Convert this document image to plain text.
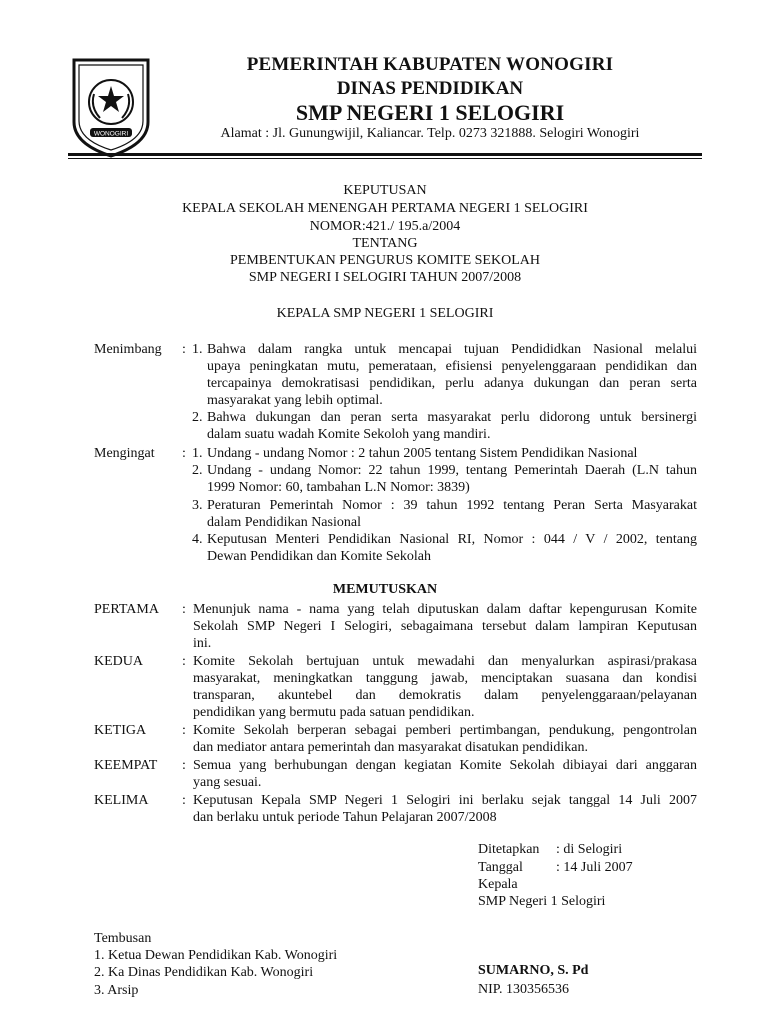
WONOGIRI
PEMERINTAH KABUPATEN WONOGIRI
DINAS PENDIDIKAN
SMP NEGERI 1 SELOGIRI
Alamat : Jl. Gunungwijil, Kaliancar. Telp. 0273 321888. Selogiri Wonogiri
KEPUTUSAN
KEPALA SEKOLAH MENENGAH PERTAMA NEGERI 1 SELOGIRI
NOMOR:421./ 195.a/2004
TENTANG
PEMBENTUKAN PENGURUS KOMITE SEKOLAH
SMP NEGERI I SELOGIRI TAHUN 2007/2008
KEPALA SMP NEGERI 1 SELOGIRI
Menimbang : 1. Bahwa dalam rangka untuk mencapai tujuan Pendididkan Nasional melalui
upaya peningkatan mutu, pemerataan, efisiensi penyelenggaraan pendidikan dan
tercapainya demokratisasi pendidikan, perlu adanya dukungan dan peran serta
masyarakat yang lebih optimal.
2. Bahwa dukungan dan peran serta masyarakat perlu didorong untuk bersinergi
dalam suatu wadah Komite Sekoloh yang mandiri.
Mengingat : 1. Undang - undang Nomor : 2 tahun 2005 tentang Sistem Pendidikan Nasional
2. Undang - undang Nomor: 22 tahun 1999, tentang Pemerintah Daerah (L.N tahun
1999 Nomor: 60, tambahan L.N Nomor: 3839)
3. Peraturan Pemerintah Nomor : 39 tahun 1992 tentang Peran Serta Masyarakat
dalam Pendidikan Nasional
4. Keputusan Menteri Pendidikan Nasional RI, Nomor : 044 / V / 2002, tentang
Dewan Pendidikan dan Komite Sekolah
MEMUTUSKAN
PERTAMA : Menunjuk nama - nama yang telah diputuskan dalam daftar kepengurusan Komite
Sekolah SMP Negeri I Selogiri, sebagaimana tersebut dalam lampiran Keputusan
ini.
KEDUA	: Komite Sekolah bertujuan untuk mewadahi dan menyalurkan aspirasi/prakasa
masyarakat, meningkatkan tanggung jawab, menciptakan suasana dan kondisi
transparan, akuntebel dan demokratis dalam penyelenggaraan/pelayanan
pendidikan yang bermutu pada satuan pendidikan.
KETIGA	: Komite Sekolah berperan sebagai pemberi pertimbangan, pendukung, pengontrolan
dan mediator antara pemerintah dan masyarakat disatukan pendidikan.
KEEMPAT : Semua yang berhubungan dengan kegiatan Komite Sekolah dibiayai dari anggaran
yang sesuai.
KELIMA : Keputusan Kepala SMP Negeri 1 Selogiri ini berlaku sejak tanggal 14 Juli 2007
dan berlaku untuk periode Tahun Pelajaran 2007/2008
Ditetapkan : di Selogiri
Tanggal : 14 Juli 2007
Kepala
SMP Negeri 1 Selogiri
SUMARNO, S. Pd
NIP. 130356536
Tembusan
1. Ketua Dewan Pendidikan Kab. Wonogiri
2. Ka Dinas Pendidikan Kab. Wonogiri
3. Arsip
